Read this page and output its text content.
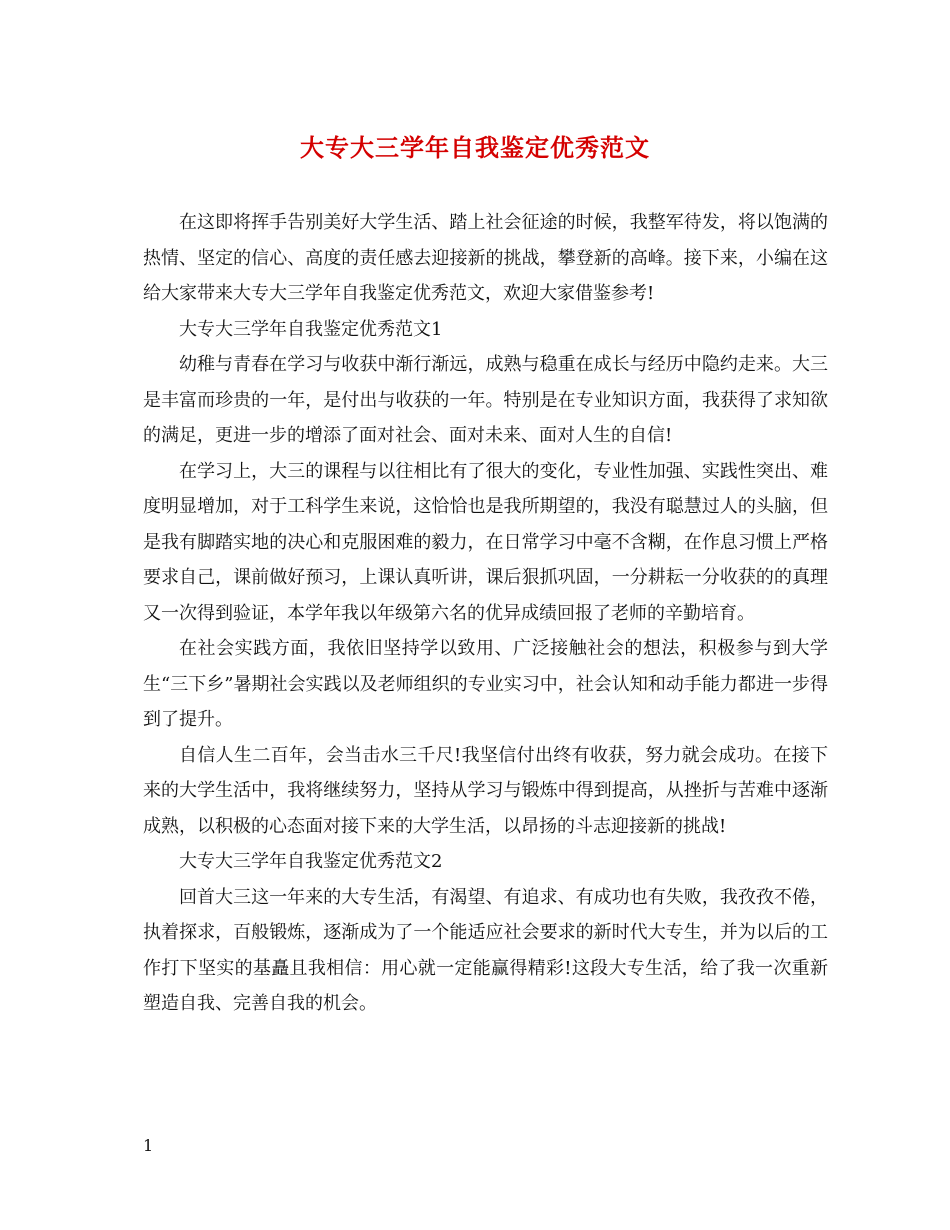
大专大三学年自我鉴定优秀范文

在这即将挥手告别美好大学生活、踏上社会征途的时候，我整军待发，将以饱满的热情、坚定的信心、高度的责任感去迎接新的挑战，攀登新的高峰。接下来，小编在这给大家带来大专大三学年自我鉴定优秀范文，欢迎大家借鉴参考!

大专大三学年自我鉴定优秀范文1

幼稚与青春在学习与收获中渐行渐远，成熟与稳重在成长与经历中隐约走来。大三是丰富而珍贵的一年，是付出与收获的一年。特别是在专业知识方面，我获得了求知欲的满足，更进一步的增添了面对社会、面对未来、面对人生的自信!

在学习上，大三的课程与以往相比有了很大的变化，专业性加强、实践性突出、难度明显增加，对于工科学生来说，这恰恰也是我所期望的，我没有聪慧过人的头脑，但是我有脚踏实地的决心和克服困难的毅力，在日常学习中毫不含糊，在作息习惯上严格要求自己，课前做好预习，上课认真听讲，课后狠抓巩固，一分耕耘一分收获的的真理又一次得到验证，本学年我以年级第六名的优异成绩回报了老师的辛勤培育。

在社会实践方面，我依旧坚持学以致用、广泛接触社会的想法，积极参与到大学生“三下乡”暑期社会实践以及老师组织的专业实习中，社会认知和动手能力都进一步得到了提升。

自信人生二百年，会当击水三千尺!我坚信付出终有收获，努力就会成功。在接下来的大学生活中，我将继续努力，坚持从学习与锻炼中得到提高，从挫折与苦难中逐渐成熟，以积极的心态面对接下来的大学生活，以昂扬的斗志迎接新的挑战!

大专大三学年自我鉴定优秀范文2

回首大三这一年来的大专生活，有渴望、有追求、有成功也有失败，我孜孜不倦，执着探求，百般锻炼，逐渐成为了一个能适应社会要求的新时代大专生，并为以后的工作打下坚实的基矗且我相信：用心就一定能赢得精彩!这段大专生活，给了我一次重新塑造自我、完善自我的机会。

1
